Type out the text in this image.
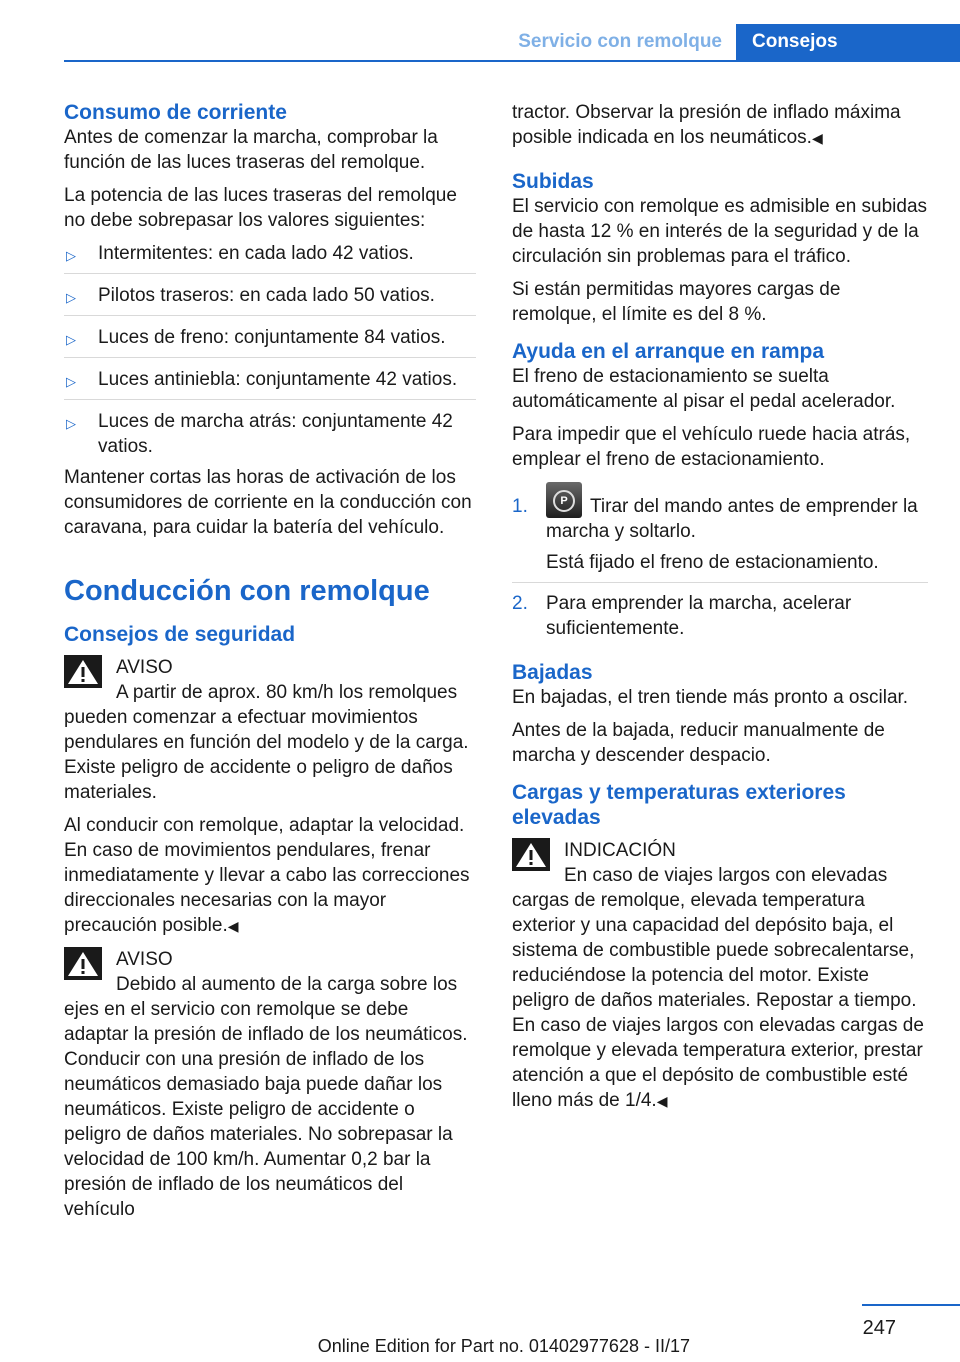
Servicio con remolque	Consejos
Consumo de corriente

Antes de comenzar la marcha, comprobar la función de las luces traseras del remolque.

La potencia de las luces traseras del remolque no debe sobrepasar los valores siguientes:

▷ Intermitentes: en cada lado 42 vatios.
▷ Pilotos traseros: en cada lado 50 vatios.
▷ Luces de freno: conjuntamente 84 vatios.
▷ Luces antiniebla: conjuntamente 42 vatios.
▷ Luces de marcha atrás: conjuntamente 42 vatios.

Mantener cortas las horas de activación de los consumidores de corriente en la conducción con caravana, para cuidar la batería del vehículo.

Conducción con remolque
Consejos de seguridad
AVISO
A partir de aprox. 80 km/h los remolques pueden comenzar a efectuar movimientos pendulares en función del modelo y de la carga. Existe peligro de accidente o peligro de daños materiales.

Al conducir con remolque, adaptar la velocidad. En caso de movimientos pendulares, frenar inmediatamente y llevar a cabo las correcciones direccionales necesarias con la mayor precaución posible.◀

AVISO
Debido al aumento de la carga sobre los ejes en el servicio con remolque se debe adaptar la presión de inflado de los neumáticos. Conducir con una presión de inflado de los neumáticos demasiado baja puede dañar los neumáticos. Existe peligro de accidente o peligro de daños materiales. No sobrepasar la velocidad de 100 km/h. Aumentar 0,2 bar la presión de inflado de los neumáticos del vehículo

tractor. Observar la presión de inflado máxima posible indicada en los neumáticos.◀

Subidas

El servicio con remolque es admisible en subidas de hasta 12 % en interés de la seguridad y de la circulación sin problemas para el tráfico.

Si están permitidas mayores cargas de remolque, el límite es del 8 %.

Ayuda en el arranque en rampa

El freno de estacionamiento se suelta automáticamente al pisar el pedal acelerador.

Para impedir que el vehículo ruede hacia atrás, emplear el freno de estacionamiento.

1.	P	Tirar del mando antes de emprender la marcha y soltarlo.

Está fijado el freno de estacionamiento.

2. Para emprender la marcha, acelerar suficientemente.

Bajadas

En bajadas, el tren tiende más pronto a oscilar.

Antes de la bajada, reducir manualmente de marcha y descender despacio.

Cargas y temperaturas exteriores elevadas
INDICACIÓN
En caso de viajes largos con elevadas cargas de remolque, elevada temperatura exterior y una capacidad del depósito baja, el sistema de combustible puede sobrecalentarse, reduciéndose la potencia del motor. Existe peligro de daños materiales. Repostar a tiempo. En caso de viajes largos con elevadas cargas de remolque y elevada temperatura exterior, prestar atención a que el depósito de combustible esté lleno más de 1/4.◀
247
Online Edition for Part no. 01402977628 - II/17
